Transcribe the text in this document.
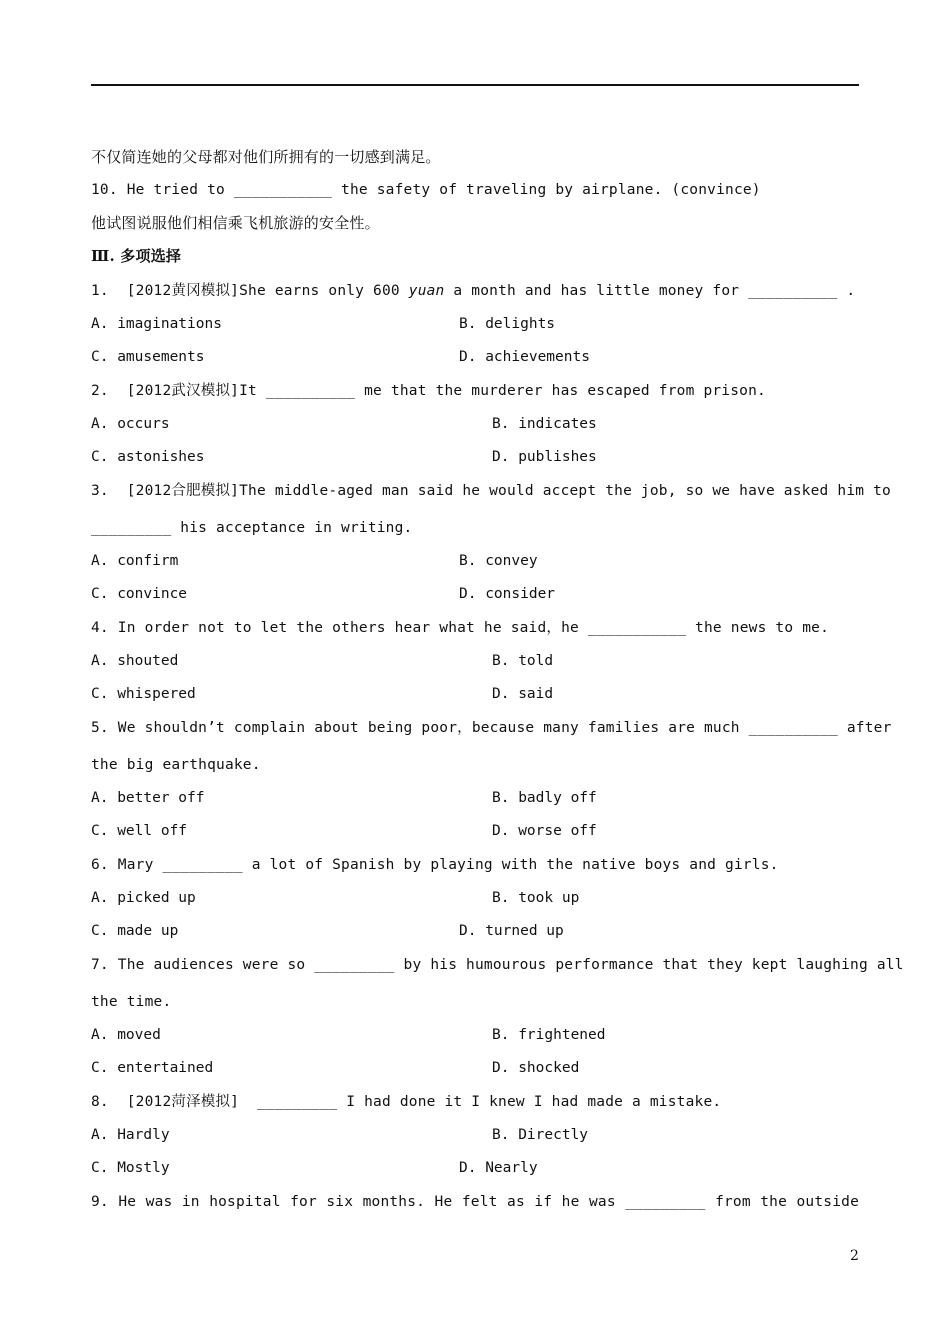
不仅简连她的父母都对他们所拥有的一切感到满足。
10. He tried to ___________ the safety of traveling by airplane. (convince)
他试图说服他们相信乘飞机旅游的安全性。
Ⅲ. 多项选择
1.  [2012黄冈模拟]She earns only 600 yuan a month and has little money for __________ .
A. imaginations	B. delights
C. amusements	D. achievements
2.  [2012武汉模拟]It __________ me that the murderer has escaped from prison.
A. occurs	B. indicates
C. astonishes	D. publishes
3.  [2012合肥模拟]The middle-aged man said he would accept the job, so we have asked him to
_________ his acceptance in writing.
A. confirm	B. convey
C. convince	D. consider
4. In order not to let the others hear what he said，he ___________ the news to me.
A. shouted	B. told
C. whispered	D. said
5. We shouldn’t complain about being poor，because many families are much __________ after
the big earthquake.
A. better off	B. badly off
C. well off	D. worse off
6. Mary _________ a lot of Spanish by playing with the native boys and girls.
A. picked up	B. took up
C. made up	D. turned up
7. The audiences were so _________ by his humourous performance that they kept laughing all
the time.
A. moved	B. frightened
C. entertained	D. shocked
8.  [2012菏泽模拟]  _________ I had done it I knew I had made a mistake.
A. Hardly	B. Directly
C. Mostly	D. Nearly
9. He was in hospital for six months. He felt as if he was _________ from the outside
2
